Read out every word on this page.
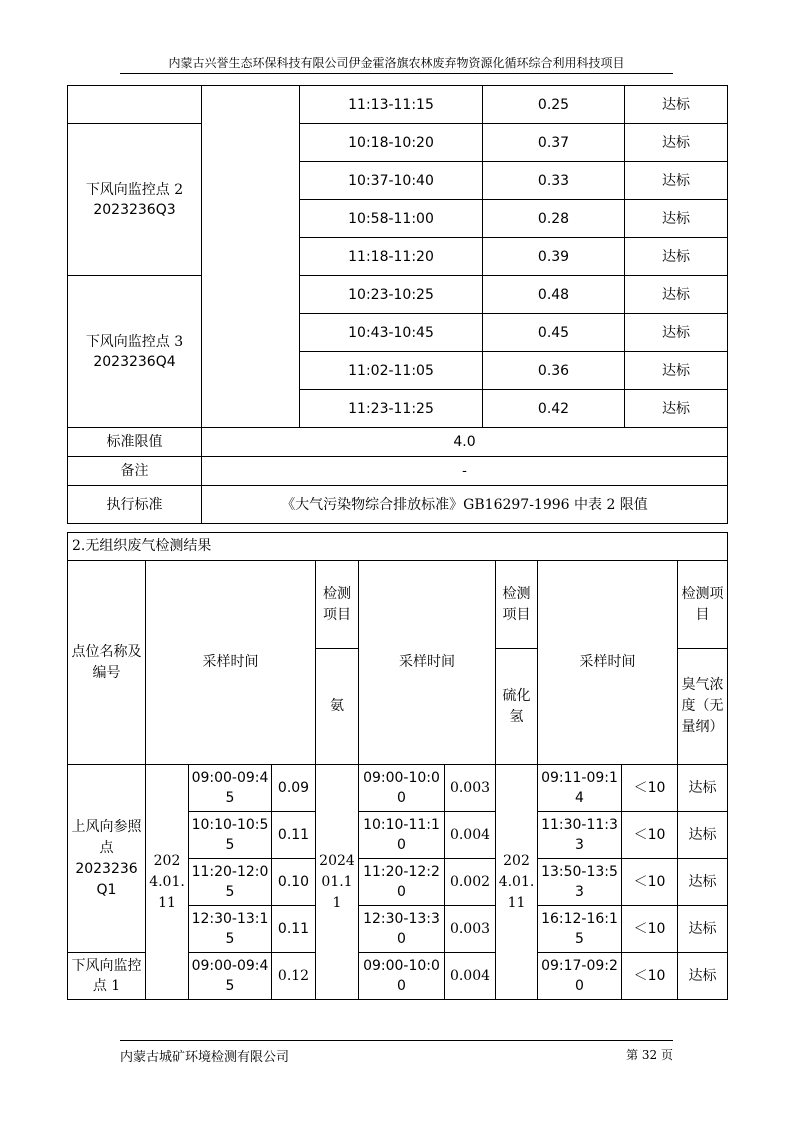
内蒙古兴誉生态环保科技有限公司伊金霍洛旗农林废弃物资源化循环综合利用科技项目
		11:13-11:15	0.25	达标

下风向监控点 2
2023236Q3		10:18-10:20	0.37	达标
		10:37-10:40	0.33	达标
		10:58-11:00	0.28	达标
		11:18-11:20	0.39	达标

下风向监控点 3
2023236Q4		10:23-10:25	0.48	达标
		10:43-10:45	0.45	达标
		11:02-11:05	0.36	达标
		11:23-11:25	0.42	达标
标准限值	4.0			
备注	-			
执行标准	《大气污染物综合排放标准》GB16297-1996 中表 2 限值			
2.无组织废气检测结果											
点位名称及编号	采样时间			检测项目	采样时间		检测项目	采样时间		检测项目	
				氨			硫化氢			臭气浓度（无量纲）	

上风向参照点
2023236Q1	2024.01.11	09:00-09:45	0.09	2024 01.11	09:00-10:00	0.003	2024.01.11	09:11-09:14	＜10	达标	
		10:10-10:55	0.11		10:10-11:10	0.004		11:30-11:33	＜10	达标	
		11:20-12:05	0.10		11:20-12:20	0.002		13:50-13:53	＜10	达标	
		12:30-13:15	0.11		12:30-13:30	0.003		16:12-16:15	＜10	达标	
下风向监控点 1		09:00-09:45	0.12		09:00-10:00	0.004		09:17-09:20	＜10	达标	
内蒙古城矿环境检测有限公司	第 32 页
